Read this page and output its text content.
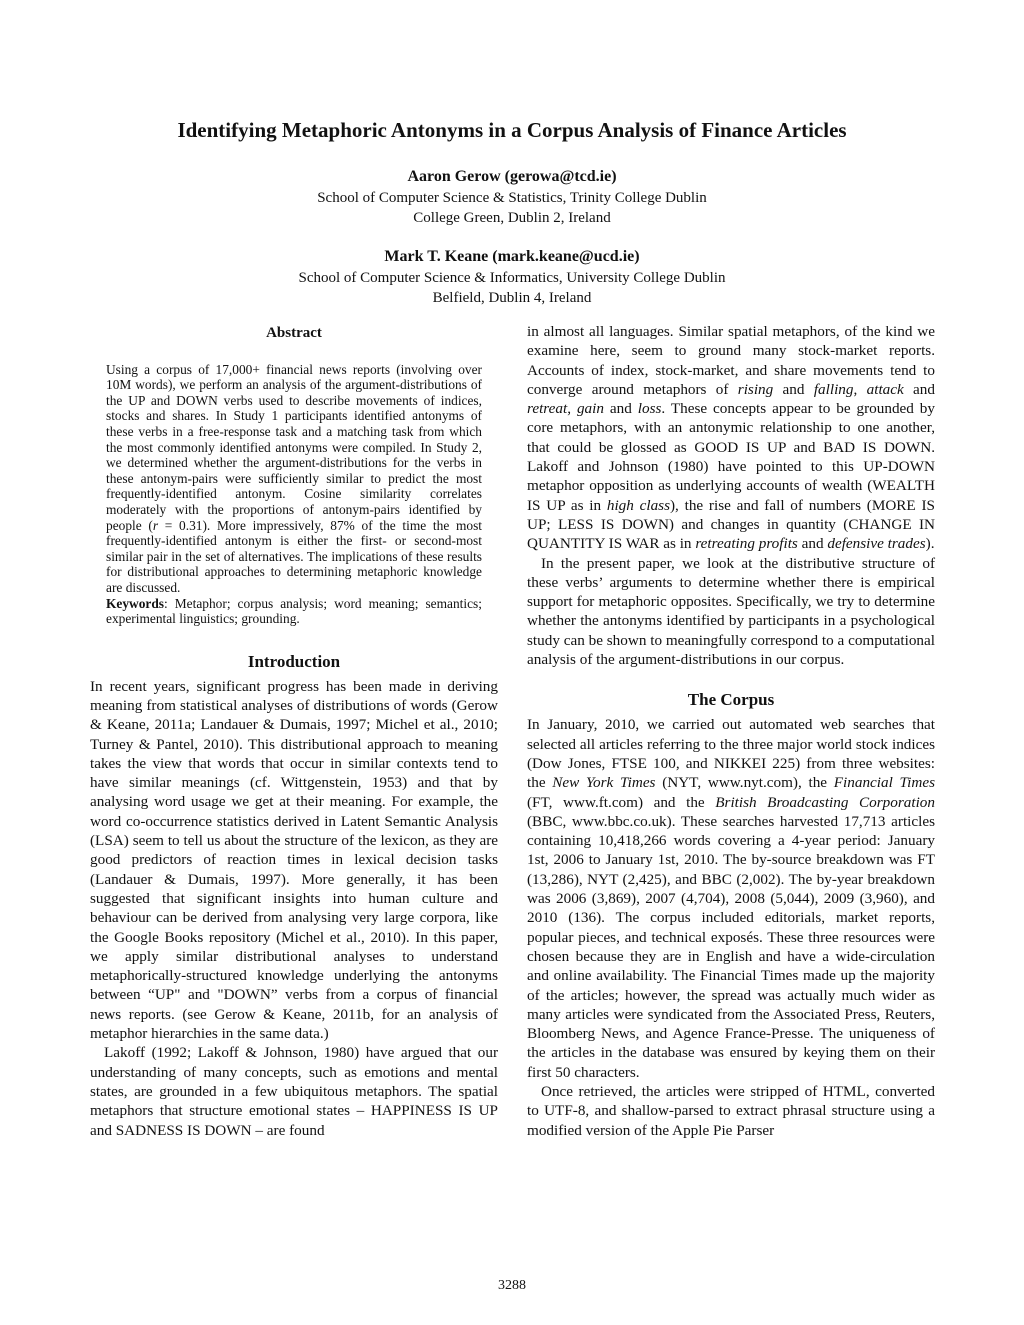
Identifying Metaphoric Antonyms in a Corpus Analysis of Finance Articles
Aaron Gerow (gerowa@tcd.ie)
School of Computer Science & Statistics, Trinity College Dublin
College Green, Dublin 2, Ireland
Mark T. Keane (mark.keane@ucd.ie)
School of Computer Science & Informatics, University College Dublin
Belfield, Dublin 4, Ireland
Abstract

Using a corpus of 17,000+ financial news reports (involving over 10M words), we perform an analysis of the argument-distributions of the UP and DOWN verbs used to describe movements of indices, stocks and shares. In Study 1 participants identified antonyms of these verbs in a free-response task and a matching task from which the most commonly identified antonyms were compiled. In Study 2, we determined whether the argument-distributions for the verbs in these antonym-pairs were sufficiently similar to predict the most frequently-identified antonym. Cosine similarity correlates moderately with the proportions of antonym-pairs identified by people (r = 0.31). More impressively, 87% of the time the most frequently-identified antonym is either the first- or second-most similar pair in the set of alternatives. The implications of these results for distributional approaches to determining metaphoric knowledge are discussed.

Keywords: Metaphor; corpus analysis; word meaning; semantics; experimental linguistics; grounding.

Introduction

In recent years, significant progress has been made in deriving meaning from statistical analyses of distributions of words (Gerow & Keane, 2011a; Landauer & Dumais, 1997; Michel et al., 2010; Turney & Pantel, 2010). This distributional approach to meaning takes the view that words that occur in similar contexts tend to have similar meanings (cf. Wittgenstein, 1953) and that by analysing word usage we get at their meaning. For example, the word co-occurrence statistics derived in Latent Semantic Analysis (LSA) seem to tell us about the structure of the lexicon, as they are good predictors of reaction times in lexical decision tasks (Landauer & Dumais, 1997). More generally, it has been suggested that significant insights into human culture and behaviour can be derived from analysing very large corpora, like the Google Books repository (Michel et al., 2010). In this paper, we apply similar distributional analyses to understand metaphorically-structured knowledge underlying the antonyms between “UP" and "DOWN” verbs from a corpus of financial news reports. (see Gerow & Keane, 2011b, for an analysis of metaphor hierarchies in the same data.)

Lakoff (1992; Lakoff & Johnson, 1980) have argued that our understanding of many concepts, such as emotions and mental states, are grounded in a few ubiquitous metaphors. The spatial metaphors that structure emotional states – HAPPINESS IS UP and SADNESS IS DOWN – are found

in almost all languages. Similar spatial metaphors, of the kind we examine here, seem to ground many stock-market reports. Accounts of index, stock-market, and share movements tend to converge around metaphors of rising and falling, attack and retreat, gain and loss. These concepts appear to be grounded by core metaphors, with an antonymic relationship to one another, that could be glossed as GOOD IS UP and BAD IS DOWN. Lakoff and Johnson (1980) have pointed to this UP-DOWN metaphor opposition as underlying accounts of wealth (WEALTH IS UP as in high class), the rise and fall of numbers (MORE IS UP; LESS IS DOWN) and changes in quantity (CHANGE IN QUANTITY IS WAR as in retreating profits and defensive trades).

In the present paper, we look at the distributive structure of these verbs’ arguments to determine whether there is empirical support for metaphoric opposites. Specifically, we try to determine whether the antonyms identified by participants in a psychological study can be shown to meaningfully correspond to a computational analysis of the argument-distributions in our corpus.

The Corpus

In January, 2010, we carried out automated web searches that selected all articles referring to the three major world stock indices (Dow Jones, FTSE 100, and NIKKEI 225) from three websites: the New York Times (NYT, www.nyt.com), the Financial Times (FT, www.ft.com) and the British Broadcasting Corporation (BBC, www.bbc.co.uk). These searches harvested 17,713 articles containing 10,418,266 words covering a 4-year period: January 1st, 2006 to January 1st, 2010. The by-source breakdown was FT (13,286), NYT (2,425), and BBC (2,002). The by-year breakdown was 2006 (3,869), 2007 (4,704), 2008 (5,044), 2009 (3,960), and 2010 (136). The corpus included editorials, market reports, popular pieces, and technical exposés. These three resources were chosen because they are in English and have a wide-circulation and online availability. The Financial Times made up the majority of the articles; however, the spread was actually much wider as many articles were syndicated from the Associated Press, Reuters, Bloomberg News, and Agence France-Presse. The uniqueness of the articles in the database was ensured by keying them on their first 50 characters.

Once retrieved, the articles were stripped of HTML, converted to UTF-8, and shallow-parsed to extract phrasal structure using a modified version of the Apple Pie Parser

3288
